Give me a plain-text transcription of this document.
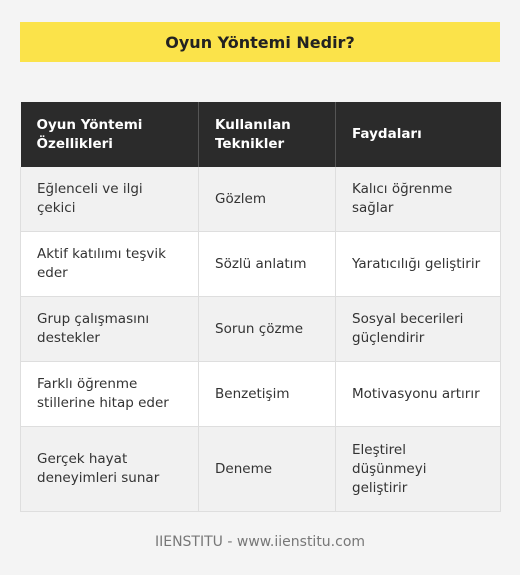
Oyun Yöntemi Nedir?
Oyun Yöntemi Özellikleri	Kullanılan Teknikler	Faydaları
Eğlenceli ve ilgi çekici	Gözlem	Kalıcı öğrenme sağlar
Aktif katılımı teşvik eder	Sözlü anlatım	Yaratıcılığı geliştirir
Grup çalışmasını destekler	Sorun çözme	Sosyal becerileri güçlendirir
Farklı öğrenme stillerine hitap eder	Benzetişim	Motivasyonu artırır
Gerçek hayat deneyimleri sunar	Deneme	Eleştirel düşünmeyi geliştirir
IIENSTITU - www.iienstitu.com
